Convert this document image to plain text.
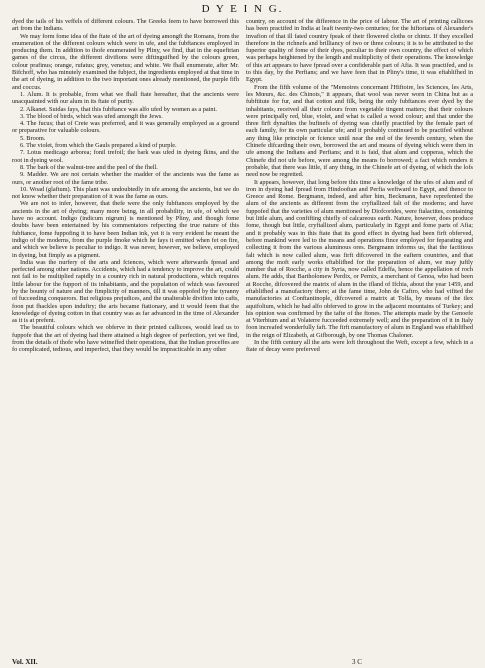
D Y E I N G.

dyed the tails of his veffels of different colours. The Greeks feem to have borrowed this art from the Indians.

We may form fome idea of the ftate of the art of dyeing amongft the Romans, from the enumeration of the different colours which were in ufe, and the fubftances employed in producing them. In addition to thofe enumerated by Pliny, we find, that in the equeftrian games of the circus, the different divifions were diftinguifhed by the colours green, colour prafinus; orange, rufatus; grey, venetus; and white. We fhall enumerate, after Mr. Bifchoff, who has minutely examined the fubject, the ingredients employed at that time in the art of dyeing, in addition to the two important ones already mentioned, the purple fifh and coccus.

1. Alum. It is probable, from what we fhall ftate hereafter, that the ancients were unacquainted with our alum in its ftate of purity.

2. Alkanet. Suidas fays, that this fubftance was alfo ufed by women as a paint.

3. The blood of birds, which was ufed amongft the Jews.

4. The fucus; that of Crete was preferred, and it was generally employed as a ground or preparative for valuable colours.

5. Broom.

6. The violet, from which the Gauls prepared a kind of purple.

7. Lotus medicago arborea; fonil trefoil; the bark was ufed in dyeing fkins, and the root in dyeing wool.

8. The bark of the walnut-tree and the peel of the fhell.

9. Madder. We are not certain whether the madder of the ancients was the fame as ours, or another root of the fame tribe.

10. Woad (glaftum). This plant was undoubtedly in ufe among the ancients, but we do not know whether their preparation of it was the fame as ours.

We are not to infer, however, that thefe were the only fubftances employed by the ancients in the art of dyeing; many more being, in all probability, in ufe, of which we have no account. Indigo (indicum nigrum) is mentioned by Pliny, and though fome doubts have been entertained by his commentators refpecting the true nature of this fubftance, fome fuppofing it to have been Indian ink, yet it is very evident he meant the indigo of the moderns, from the purple fmoke which he fays it emitted when fet on fire, and which we believe is peculiar to indigo. It was never, however, we believe, employed in dyeing, but fimply as a pigment.

India was the nurfery of the arts and fciences, which were afterwards fpread and perfected among other nations. Accidents, which had a tendency to improve the art, could not fail to be multiplied rapidly in a country rich in natural productions, which requires little labour for the fupport of its inhabitants, and the population of which was favoured by the bounty of nature and the fimplicity of manners, till it was oppofed by the tyranny of fucceeding conquerors. But religious prejudices, and the unalterable divifion into cafts, foon put fhackles upon induftry; the arts became ftationary, and it would feem that the knowledge of dyeing cotton in that country was as far advanced in the time of Alexander as it is at prefent.

The beautiful colours which we obferve in their printed callicoes, would lead us to fuppofe that the art of dyeing had there attained a high degree of perfection, yet we find, from the details of thofe who have witneffed their operations, that the Indian proceffes are fo complicated, tedious, and imperfect, that they would be impracticable in any other

country, on account of the difference in the price of labour. The art of printing callicoes has been practifed in India at leaft twenty-two centuries; for the hiftorians of Alexander's invafion of that ill fated country fpeak of their flowered cloths or chintz. If they excelled therefore in the richnefs and brilliancy of two or three colours; it is to be attributed to the fuperior quality of fome of their dyes, peculiar to their own country, the effect of which was perhaps heightened by the length and multiplicity of their operations. The knowledge of this art appears to have fpread over a confiderable part of Afia. It was practifed, and is to this day, by the Perfians; and we have feen that in Pliny's time, it was eftablifhed in Egypt.

From the fifth volume of the "Memoires concernant l'Hiftoire, les Sciences, les Arts, les Mœurs, &c. des Chinois," it appears, that wool was never worn in China but as a fubftitute for fur, and that cotton and filk, being the only fubftances ever dyed by the inhabitants, received all their colours from vegetable tingent matters; that their colours were principally red, blue, violet, and what is called a wood colour; and that under the three firft dynafties the bufinefs of dyeing was chiefly practifed by the female part of each family, for its own particular ufe; and it probably continued to be practifed without any thing like principle or fcience until near the end of the feventh century, when the Chinefe difcarding their own, borrowed the art and means of dyeing which were then in ufe among the Indians and Perfians; and it is faid, that alum and copperas, which the Chinefe did not ufe before, were among the means fo borrowed; a fact which renders it probable, that there was little, if any thing, in the Chinefe art of dyeing, of which the lofs need now be regretted.

It appears, however, that long before this time a knowledge of the ufes of alum and of iron in dyeing had fpread from Hindooftan and Perfia weftward to Egypt, and thence to Greece and Rome. Bergmann, indeed, and after him, Beckmann, have reprefented the alum of the ancients as different from the cryftallized falt of the moderns; and have fuppofed that the varieties of alum mentioned by Diofcorides, were ftalactites, containing but little alum, and confifting chiefly of calcareous earth. Nature, however, does produce fome, though but little, cryftallized alum, particularly in Egypt and fome parts of Afia; and it probably was in this ftate that its good effect in dyeing had been firft obferved, before mankind were led to the means and operations fince employed for feparating and collecting it from the various aluminous ores. Bergmann informs us, that the factitious falt which is now called alum, was firft difcovered in the eaftern countries, and that among the moft early works eftablifhed for the preparation of alum, we may juftly number that of Rocche, a city in Syria, now called Edeffa, hence the appellation of roch alum. He adds, that Bartholomew Perdix, or Pernix, a merchant of Genoa, who had been at Rocche, difcovered the matrix of alum in the ifland of Ifchia, about the year 1459, and eftablifhed a manufactory there; at the fame time, John de Caftro, who had vifited the manufactories at Conftantinople, difcovered a matrix at Tolfa, by means of the ilex aquifolium, which he had alfo obferved to grow in the adjacent mountains of Turkey; and his opinion was confirmed by the tafte of the ftones. The attempts made by the Genoefe at Viterbium and at Volaterre fucceeded extremely well; and the preparation of it in Italy foon increafed wonderfully faft. The firft manufactory of alum in England was eftablifhed in the reign of Elizabeth, at Gifborough, by one Thomas Chaloner.

In the fifth century all the arts were loft throughout the Weft, except a few, which in a ftate of decay were preferved

Vol. XII.	3 C
